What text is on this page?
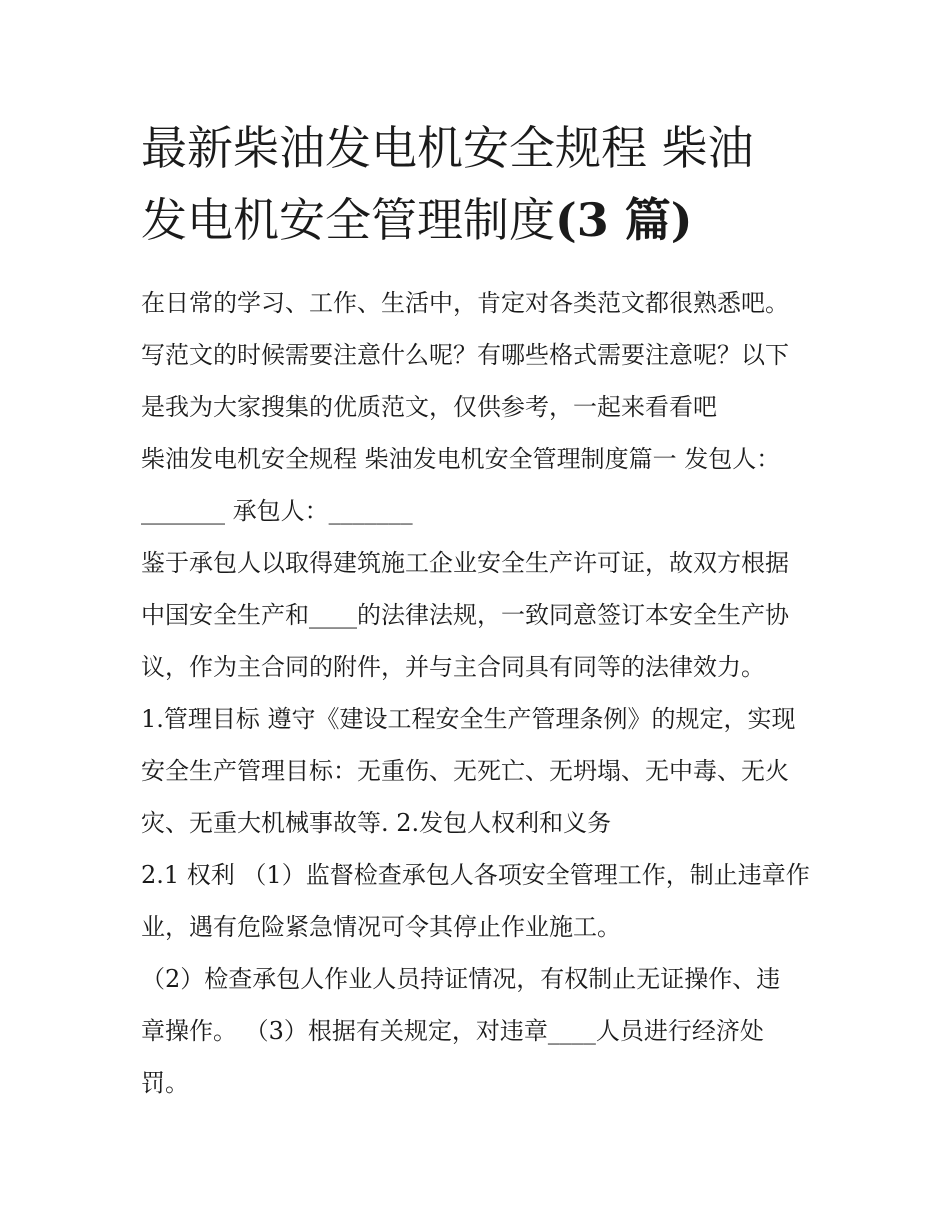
最新柴油发电机安全规程 柴油
发电机安全管理制度(3 篇)

在日常的学习、工作、生活中，肯定对各类范文都很熟悉吧。

写范文的时候需要注意什么呢？有哪些格式需要注意呢？以下

是我为大家搜集的优质范文，仅供参考，一起来看看吧

柴油发电机安全规程 柴油发电机安全管理制度篇一 发包人：

_______ 承包人：_______

鉴于承包人以取得建筑施工企业安全生产许可证，故双方根据

中国安全生产和____的法律法规，一致同意签订本安全生产协

议，作为主合同的附件，并与主合同具有同等的法律效力。

1.管理目标 遵守《建设工程安全生产管理条例》的规定，实现

安全生产管理目标：无重伤、无死亡、无坍塌、无中毒、无火

灾、无重大机械事故等. 2.发包人权利和义务

2.1 权利 （1）监督检查承包人各项安全管理工作，制止违章作

业，遇有危险紧急情况可令其停止作业施工。

（2）检查承包人作业人员持证情况，有权制止无证操作、违

章操作。 （3）根据有关规定，对违章____人员进行经济处

罚。
